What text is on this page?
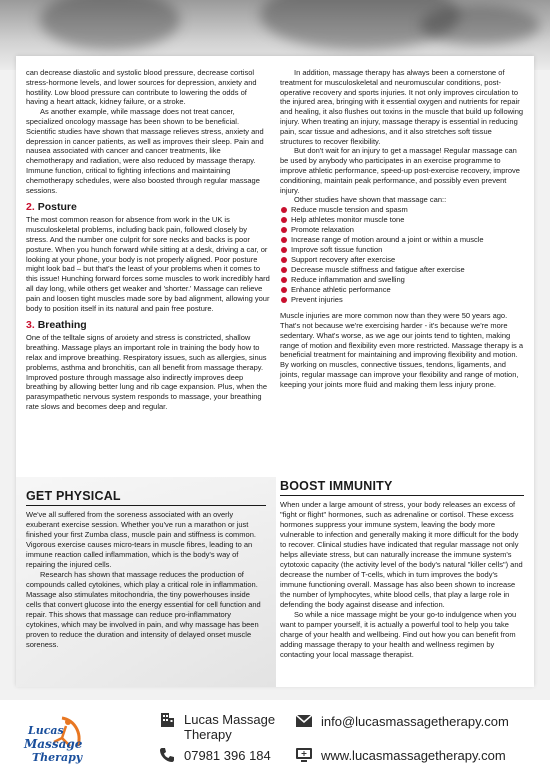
can decrease diastolic and systolic blood pressure, decrease cortisol stress-hormone levels, and lower sources for depression, anxiety and hostility. Low blood pressure can contribute to lowering the odds of having a heart attack, kidney failure, or a stroke.

As another example, while massage does not treat cancer, specialized oncology massage has been shown to be beneficial. Scientific studies have shown that massage relieves stress, anxiety and depression in cancer patients, as well as improves their sleep. Pain and nausea associated with cancer and cancer treatments, like chemotherapy and radiation, were also reduced by massage therapy. Immune function, critical to fighting infections and maintaining chemotherapy schedules, were also boosted through regular massage sessions.

2. Posture

The most common reason for absence from work in the UK is musculoskeletal problems, including back pain, followed closely by stress. And the number one culprit for sore necks and backs is poor posture. When you hunch forward while sitting at a desk, driving a car, or looking at your phone, your body is not properly aligned. Poor posture might look bad – but that's the least of your problems when it comes to this issue! Hunching forward forces some muscles to work incredibly hard all day long, while others get weaker and 'shorter.' Massage can relieve pain and loosen tight muscles made sore by bad alignment, allowing your body to position itself in its natural and pain free posture.

3. Breathing

One of the telltale signs of anxiety and stress is constricted, shallow breathing. Massage plays an important role in training the body how to relax and improve breathing. Respiratory issues, such as allergies, sinus problems, asthma and bronchitis, can all benefit from massage therapy. Improved posture through massage also indirectly improves deep breathing by allowing better lung and rib cage expansion. Plus, when the parasympathetic nervous system responds to massage, your breathing rate slows and becomes deep and regular.

In addition, massage therapy has always been a cornerstone of treatment for musculoskeletal and neuromuscular conditions, post-operative recovery and sports injuries. It not only improves circulation to the injured area, bringing with it essential oxygen and nutrients for repair and healing, it also flushes out toxins in the muscle that build up following injury. When treating an injury, massage therapy is essential in reducing pain, scar tissue and adhesions, and it also stretches soft tissue structures to recover flexibility.

But don't wait for an injury to get a massage! Regular massage can be used by anybody who participates in an exercise programme to improve athletic performance, speed-up post-exercise recovery, improve conditioning, maintain peak performance, and possibly even prevent injury.

Other studies have shown that massage can::

Reduce muscle tension and spasm
Help athletes monitor muscle tone
Promote relaxation
Increase range of motion around a joint or within a muscle
Improve soft tissue function
Support recovery after exercise
Decrease muscle stiffness and fatigue after exercise
Reduce inflammation and swelling
Enhance athletic performance
Prevent injuries

Muscle injuries are more common now than they were 50 years ago. That's not because we're exercising harder - it's because we're more sedentary. What's worse, as we age our joints tend to tighten, making range of motion and flexibility even more restricted. Massage therapy is a beneficial treatment for maintaining and improving flexibility and motion. By working on muscles, connective tissues, tendons, ligaments, and joints, regular massage can improve your flexibility and range of motion, keeping your joints more fluid and making them less injury prone.

GET PHYSICAL

We've all suffered from the soreness associated with an overly exuberant exercise session. Whether you've run a marathon or just finished your first Zumba class, muscle pain and stiffness is common. Vigorous exercise causes micro-tears in muscle fibres, leading to an immune reaction called inflammation, which is the body's way of repairing the injured cells.

Research has shown that massage reduces the production of compounds called cytokines, which play a critical role in inflammation. Massage also stimulates mitochondria, the tiny powerhouses inside cells that convert glucose into the energy essential for cell function and repair. This shows that massage can reduce pro-inflammatory cytokines, which may be involved in pain, and why massage has been proven to reduce the duration and intensity of delayed onset muscle soreness.

BOOST IMMUNITY

When under a large amount of stress, your body releases an excess of "fight or flight" hormones, such as adrenaline or cortisol. These excess hormones suppress your immune system, leaving the body more vulnerable to infection and generally making it more difficult for the body to recover. Clinical studies have indicated that regular massage not only helps alleviate stress, but can naturally increase the immune system's cytotoxic capacity (the activity level of the body's natural "killer cells") and decrease the number of T-cells, which in turn improves the body's immune functioning overall. Massage has also been shown to increase the number of lymphocytes, white blood cells, that play a large role in defending the body against disease and infection.

So while a nice massage might be your go-to indulgence when you want to pamper yourself, it is actually a powerful tool to help you take charge of your health and wellbeing. Find out how you can benefit from adding massage therapy to your health and wellness regimen by contacting your local massage therapist.

Lucas
Massage
Therapy
Lucas Massage
Therapy
07981 396 184
info@lucasmassagetherapy.com
www.lucasmassagetherapy.com
